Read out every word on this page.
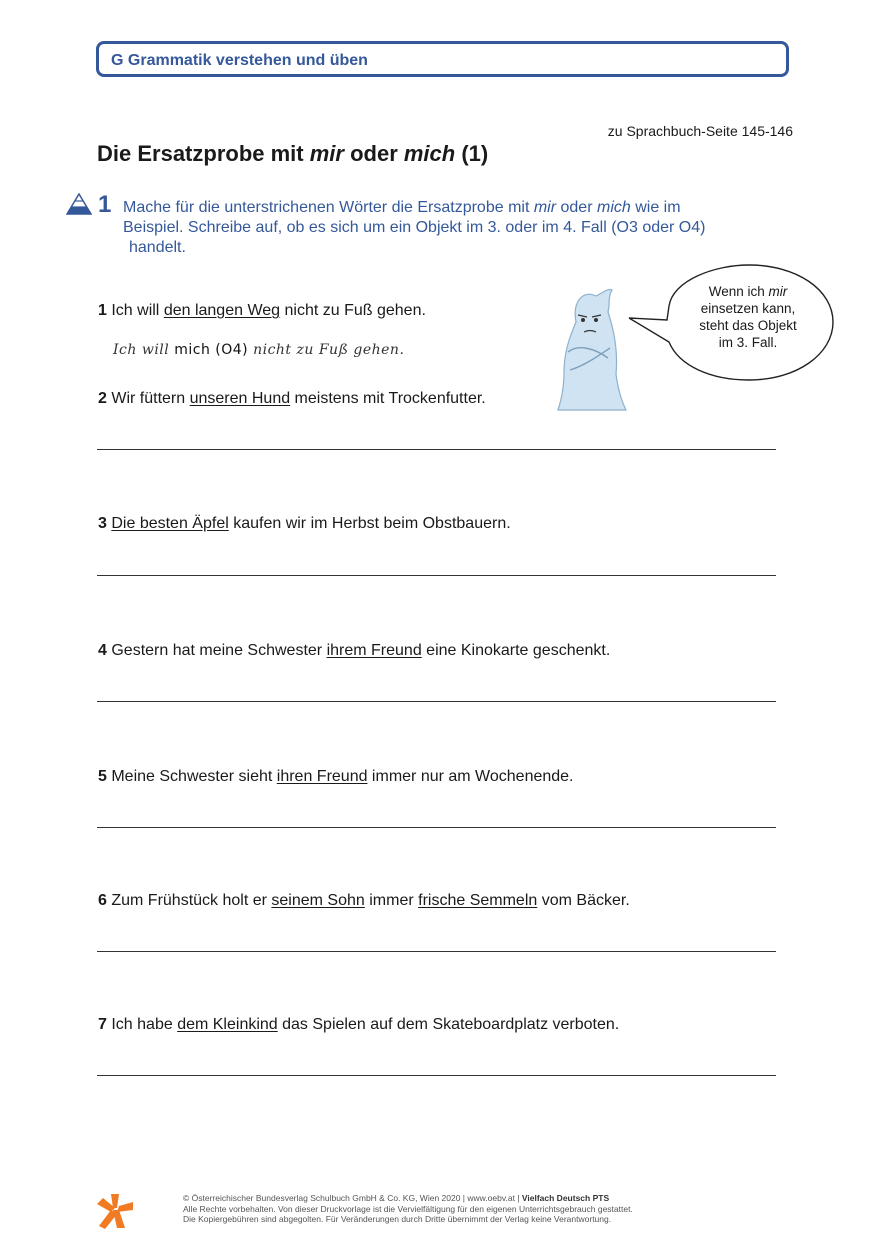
G Grammatik verstehen und üben
zu Sprachbuch-Seite 145-146
Die Ersatzprobe mit mir oder mich (1)
1 Mache für die unterstrichenen Wörter die Ersatzprobe mit mir oder mich wie im
Beispiel. Schreibe auf, ob es sich um ein Objekt im 3. oder im 4. Fall (O3 oder O4)
handelt.

1 Ich will den langen Weg nicht zu Fuß gehen.

Ich will mich (O4) nicht zu Fuß gehen.

2 Wir füttern unseren Hund meistens mit Trockenfutter.

3 Die besten Äpfel kaufen wir im Herbst beim Obstbauern.

4 Gestern hat meine Schwester ihrem Freund eine Kinokarte geschenkt.

5 Meine Schwester sieht ihren Freund immer nur am Wochenende.

6 Zum Frühstück holt er seinem Sohn immer frische Semmeln vom Bäcker.

7 Ich habe dem Kleinkind das Spielen auf dem Skateboardplatz verboten.

Wenn ich mir
einsetzen kann,
steht das Objekt
im 3. Fall.
© Österreichischer Bundesverlag Schulbuch GmbH & Co. KG, Wien 2020 | www.oebv.at | Vielfach Deutsch PTS
Alle Rechte vorbehalten. Von dieser Druckvorlage ist die Vervielfältigung für den eigenen Unterrichtsgebrauch gestattet.
Die Kopiergebühren sind abgegolten. Für Veränderungen durch Dritte übernimmt der Verlag keine Verantwortung.
